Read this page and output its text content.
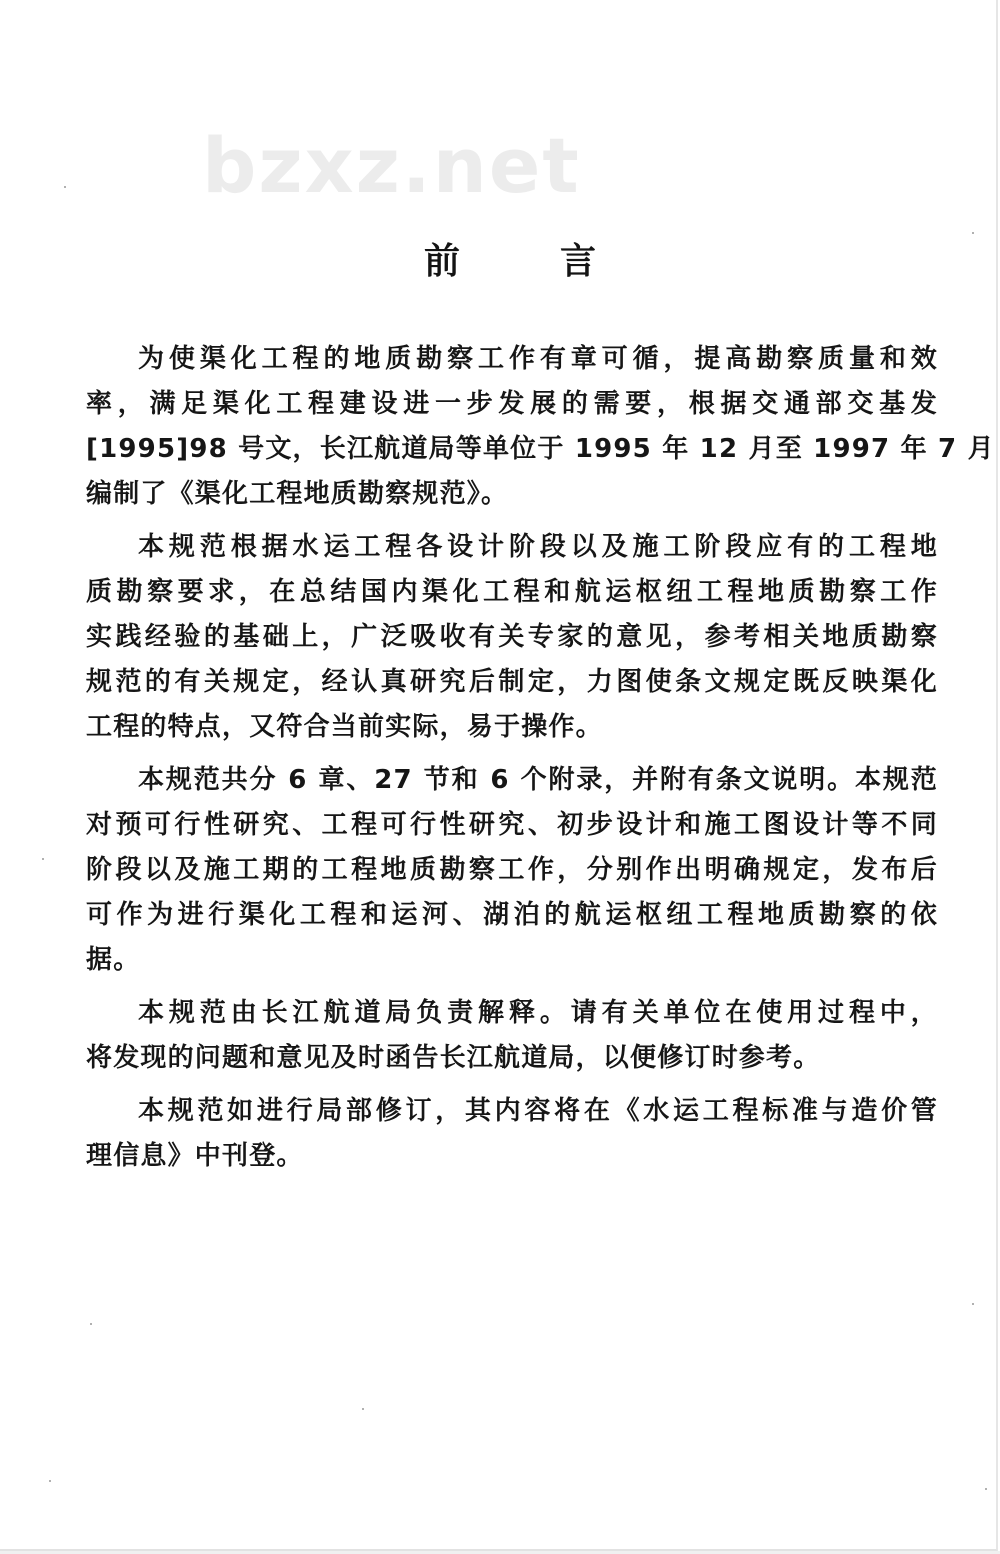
bzxz.net
前	言
为使渠化工程的地质勘察工作有章可循，提高勘察质量和效
率，满足渠化工程建设进一步发展的需要，根据交通部交基发
[1995]98 号文，长江航道局等单位于 1995 年 12 月至 1997 年 7 月
编制了《渠化工程地质勘察规范》。
本规范根据水运工程各设计阶段以及施工阶段应有的工程地
质勘察要求，在总结国内渠化工程和航运枢纽工程地质勘察工作
实践经验的基础上，广泛吸收有关专家的意见，参考相关地质勘察
规范的有关规定，经认真研究后制定，力图使条文规定既反映渠化
工程的特点，又符合当前实际，易于操作。
本规范共分 6 章、27 节和 6 个附录，并附有条文说明。本规范
对预可行性研究、工程可行性研究、初步设计和施工图设计等不同
阶段以及施工期的工程地质勘察工作，分别作出明确规定，发布后
可作为进行渠化工程和运河、湖泊的航运枢纽工程地质勘察的依
据。
本规范由长江航道局负责解释。请有关单位在使用过程中，
将发现的问题和意见及时函告长江航道局，以便修订时参考。
本规范如进行局部修订，其内容将在《水运工程标准与造价管
理信息》中刊登。
